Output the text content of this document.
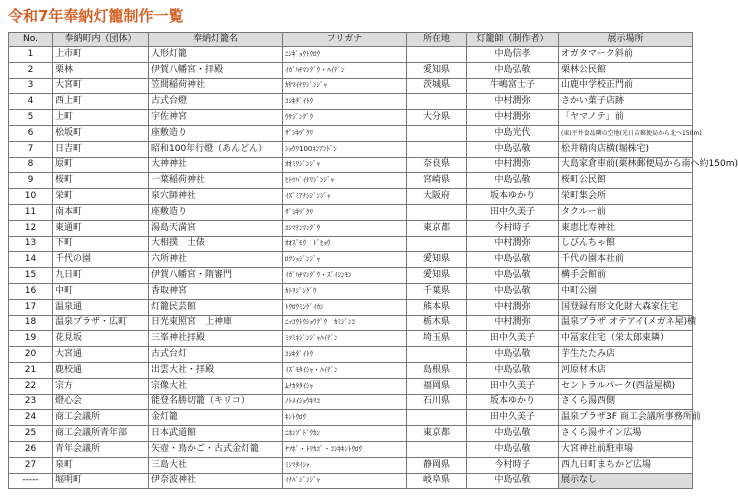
令和7年奉納灯籠制作一覧
No.	奉納町内（団体）	奉納灯籠名	フリガナ	所在地	灯籠師（制作者）	展示場所
1	上市町	人形灯籠	ﾆﾝｷﾞｮｳﾄｳﾛｳ		中島信孝	オガタマーク斜前
2	栗林	伊賀八幡宮・拝殿	ｲｶﾞﾊﾁﾏﾝｸﾞｳ・ﾊｲﾃﾞﾝ	愛知県	中島弘敬	栗林公民館
3	大宮町	笠間稲荷神社	ｶｻﾏｲﾅﾘｼﾞﾝｼﾞｬ	茨城県	牛嶋富士子	山鹿中学校正門前
4	西上町	古式台燈	ｺｼｷﾀﾞｲﾄｳ		中村潤弥	さかい菓子店跡
5	上町	宇佐神宮	ｳｻｼﾞﾝｸﾞｳ	大分県	中村潤弥	「ヤマノテ」前
6	松坂町	座敷造り	ｻﾞｼｷﾂﾞｸﾘ		中島光代	(東)平井食品隣の空地(光日吉郵便局から北へ150m)
7	日吉町	昭和100年行燈（あんどん）	ｼｮｳﾜ100ﾈﾝｱﾝﾄﾞﾝ		中島弘敬	松井精肉店横(堀株宅)
8	原町	大神神社	ｵｵﾐﾜｼﾞﾝｼﾞｬ	奈良県	中村潤弥	大島家倉車前(栗林郵便局から南へ約150m)
9	桜町	一葉稲荷神社	ﾋﾄﾂﾊﾞｲﾅﾘｼﾞﾝｼﾞｬ	宮崎県	中島弘敬	桜町公民館
10	栄町	泉穴師神社	ｲｽﾞﾐｱﾅｼｼﾞﾝｼﾞｬ	大阪府	坂本ゆかり	栄町集会所
11	南本町	座敷造り	ｻﾞｼｷﾂﾞｸﾘ		田中久美子	タクルー前
12	東通町	湯島天満宮	ﾕｼﾏﾃﾝﾏﾝｸﾞｳ	東京都	今村時子	東恵比寿神社
13	下町	大相撲　土俵	ｵｵｽﾞﾓｳ　ﾄﾞﾋｮｳ		中村潤弥	しびんちゃ館
14	千代の園	六所神社	ﾛｸｼｮｼﾞﾝｼﾞｬ	愛知県	中島弘敬	千代の園本社前
15	九日町	伊賀八幡宮・隋審門	ｲｶﾞﾊﾁﾏﾝｸﾞｳ・ｽﾞｲｼﾝﾓﾝ	愛知県	中島弘敬	構手会館前
16	中町	香取神宮	ｶﾄﾘｼﾞﾝｸﾞｳ	千葉県	中島弘敬	中町公園
17	温泉通	灯籠民芸館	ﾄｳﾛｳﾐﾝｹﾞｲｶﾝ	熊本県	中村潤弥	国登録有形文化財大森家住宅
18	温泉プラザ・広町	日光東照宮　上神庫	ﾆｯｺｳﾄｳｼｮｳｸﾞｳ　ｶﾐｼﾞﾝｺ	栃木県	中村潤弥	温泉プラザ オテアイ(メガネ屋)横
19	花見坂	三峯神社拝殿	ﾐﾂﾐﾈｼﾞﾝｼﾞｬﾊｲﾃﾞﾝ	埼玉県	田中久美子	中冨家住宅（栄太郎東隣）
20	大宮通	古式台灯	ｺｼｷﾀﾞｲﾄｳ		中島弘敬	芋生たたみ店
21	鹿校通	出雲大社・拝殿	ｲｽﾞﾓﾀｲｼｬ・ﾊｲﾃﾞﾝ	島根県	中島弘敬	河原材木店
22	宗方	宗像大社	ﾑﾅｶﾀﾀｲｼｬ	福岡県	田中久美子	セントラルパーク(西益屋横)
23	燈心会	能登名勝切籠（キリコ）	ﾉﾄﾒｲｼｮｳｷﾘｺ	石川県	坂本ゆかり	さくら湯西側
24	商工会議所	金灯籠	ｷﾝﾄｳﾛｳ		田中久美子	温泉プラザ3F 商工会議所事務所前
25	商工会議所青年部	日本武道館	ﾆﾎﾝﾌﾞﾄﾞｳｶﾝ	東京都	中島弘敬	さくら湯サイン広場
26	青年会議所	矢壺・鳥かご・古式金灯籠	ﾔﾂﾎﾞ・ﾄﾘｶｺﾞ・ｺｼｷｷﾝﾄｳﾛｳ		中島弘敬	大宮神社前駐車場
27	泉町	三島大社	ﾐｼﾏﾀｲｼｬ	静岡県	今村時子	西九日町まちかど広場
-----	堀明町	伊奈波神社	ｲﾅﾊﾞｼﾞﾝｼﾞｬ	岐阜県	中島弘敬	展示なし
